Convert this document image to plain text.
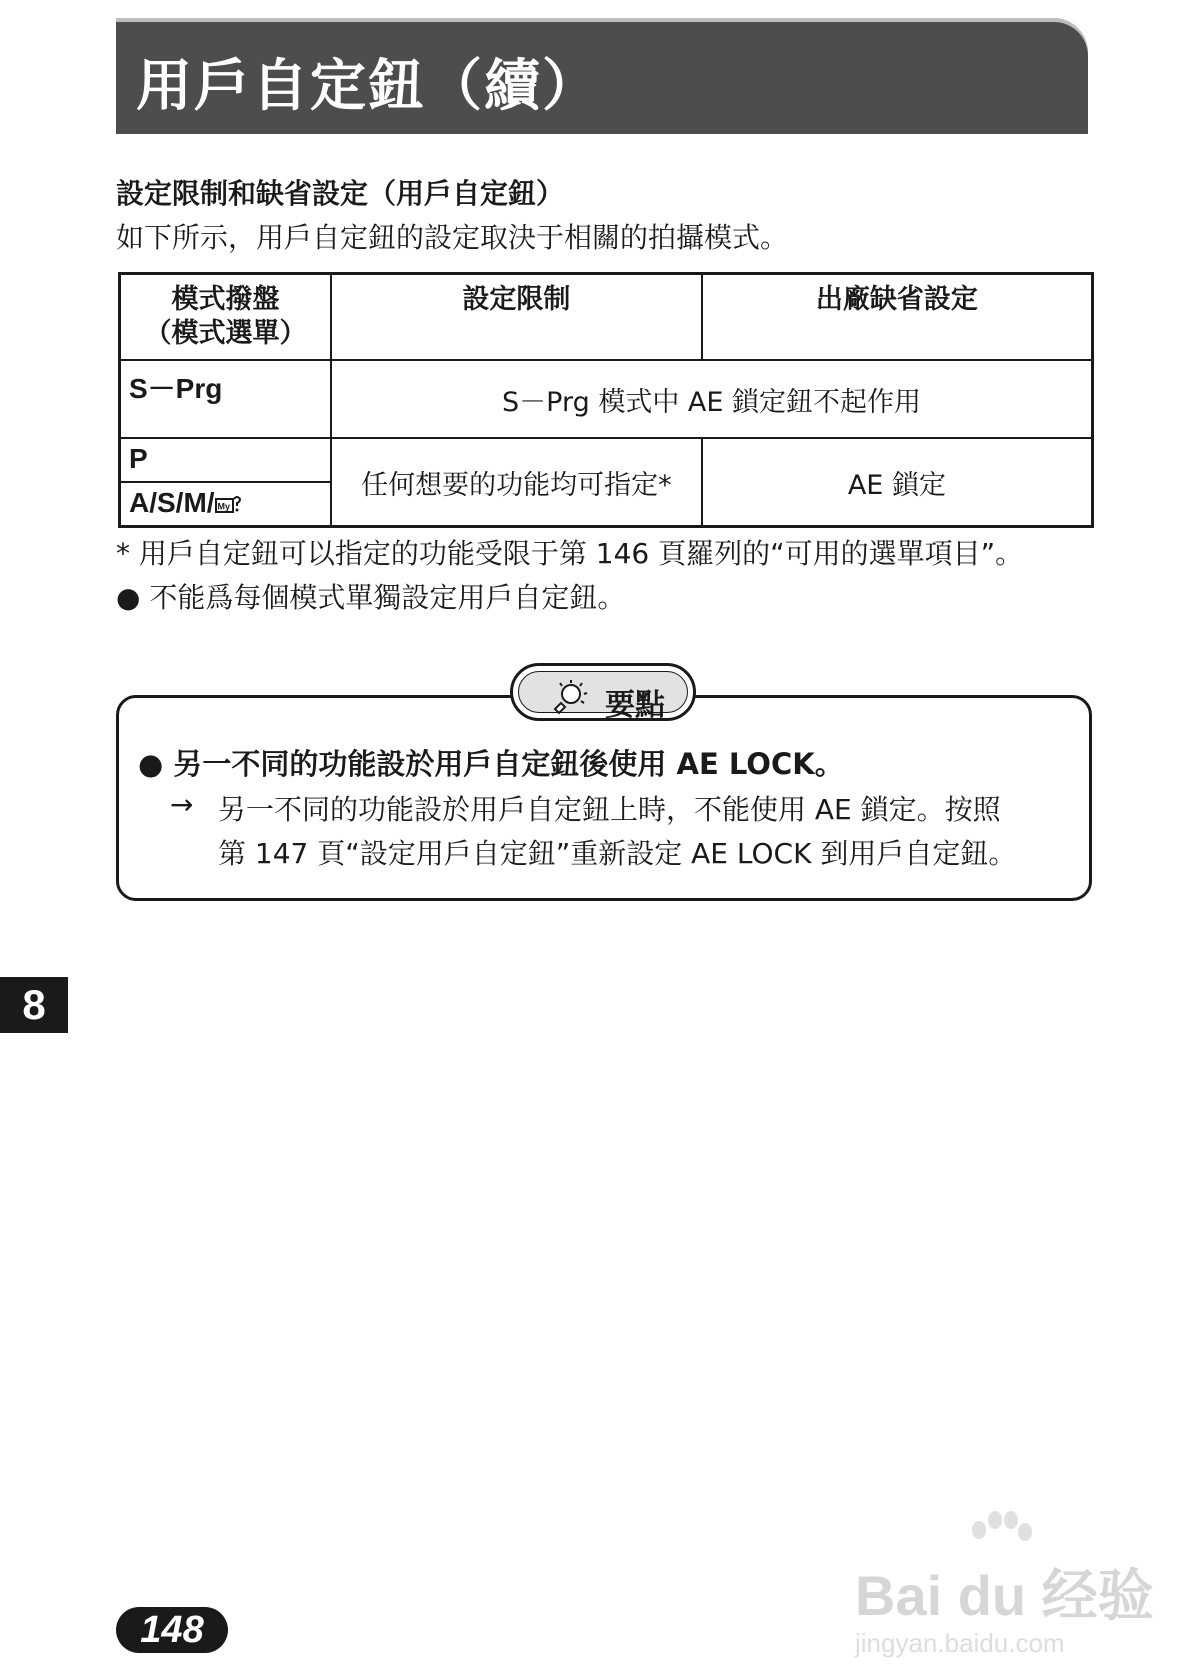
用戶自定鈕（續）
設定限制和缺省設定（用戶自定鈕）
如下所示，用戶自定鈕的設定取決于相關的拍攝模式。
模式撥盤
（模式選單）	設定限制	出廠缺省設定
S－Prg	S－Prg 模式中 AE 鎖定鈕不起作用	
P	任何想要的功能均可指定*	AE 鎖定
A/S/M/ My		
* 用戶自定鈕可以指定的功能受限于第 146 頁羅列的“可用的選單項目”。
● 不能爲每個模式單獨設定用戶自定鈕。
要點
● 另一不同的功能設於用戶自定鈕後使用 AE LOCK。
→ 另一不同的功能設於用戶自定鈕上時，不能使用 AE 鎖定。按照
第 147 頁“設定用戶自定鈕”重新設定 AE LOCK 到用戶自定鈕。
8
148
Bai du 经验
jingyan.baidu.com
